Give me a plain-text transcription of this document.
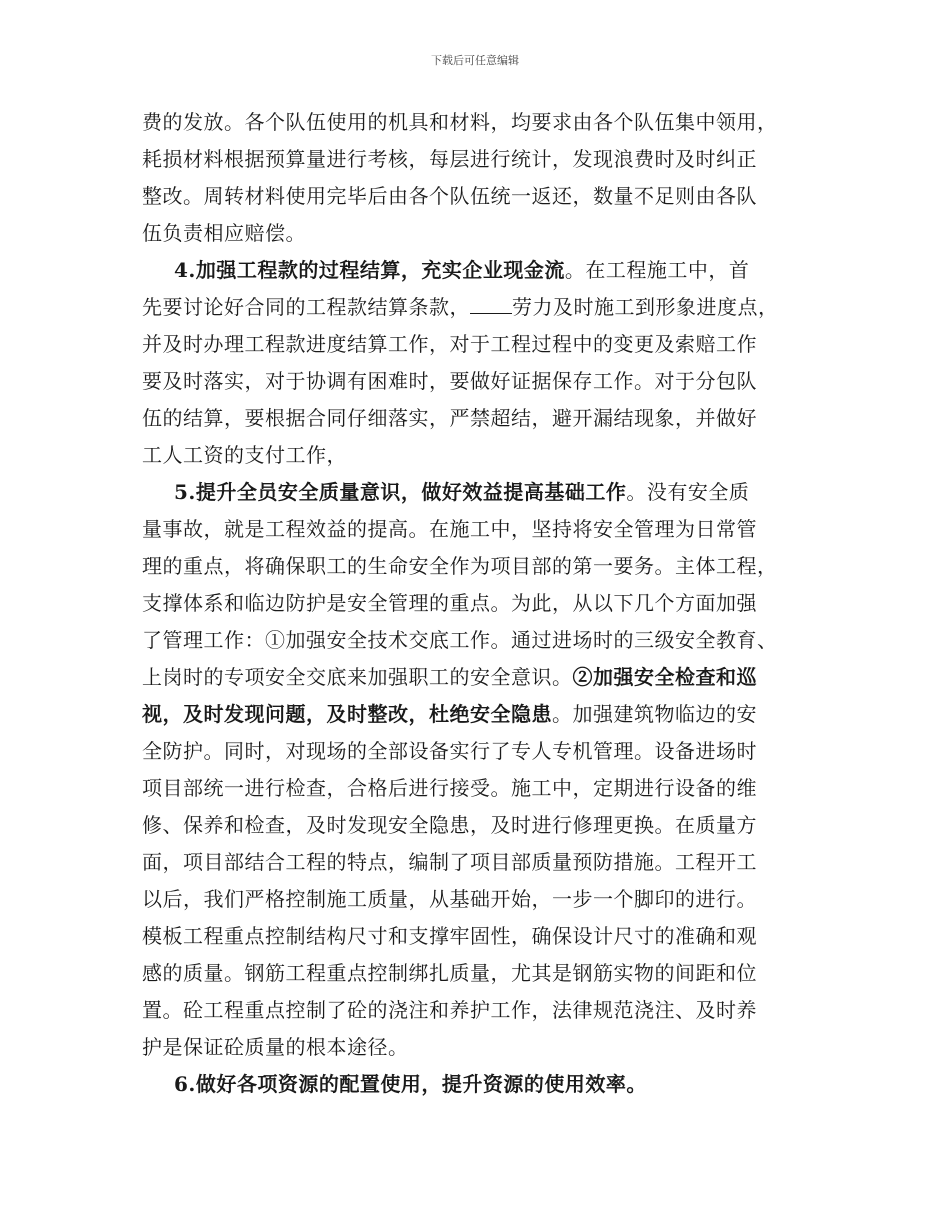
下载后可任意编辑
费的发放。各个队伍使用的机具和材料，均要求由各个队伍集中领用，
耗损材料根据预算量进行考核，每层进行统计，发现浪费时及时纠正
整改。周转材料使用完毕后由各个队伍统一返还，数量不足则由各队
伍负责相应赔偿。
4.加强工程款的过程结算，充实企业现金流。在工程施工中，首
先要讨论好合同的工程款结算条款， 劳力及时施工到形象进度点，
并及时办理工程款进度结算工作，对于工程过程中的变更及索赔工作
要及时落实，对于协调有困难时，要做好证据保存工作。对于分包队
伍的结算，要根据合同仔细落实，严禁超结，避开漏结现象，并做好
工人工资的支付工作，
5.提升全员安全质量意识，做好效益提高基础工作。没有安全质
量事故，就是工程效益的提高。在施工中，坚持将安全管理为日常管
理的重点，将确保职工的生命安全作为项目部的第一要务。主体工程，
支撑体系和临边防护是安全管理的重点。为此，从以下几个方面加强
了管理工作：①加强安全技术交底工作。通过进场时的三级安全教育、
上岗时的专项安全交底来加强职工的安全意识。②加强安全检查和巡
视，及时发现问题，及时整改，杜绝安全隐患。加强建筑物临边的安
全防护。同时，对现场的全部设备实行了专人专机管理。设备进场时
项目部统一进行检查，合格后进行接受。施工中，定期进行设备的维
修、保养和检查，及时发现安全隐患，及时进行修理更换。在质量方
面，项目部结合工程的特点，编制了项目部质量预防措施。工程开工
以后，我们严格控制施工质量，从基础开始，一步一个脚印的进行。
模板工程重点控制结构尺寸和支撑牢固性，确保设计尺寸的准确和观
感的质量。钢筋工程重点控制绑扎质量，尤其是钢筋实物的间距和位
置。砼工程重点控制了砼的浇注和养护工作，法律规范浇注、及时养
护是保证砼质量的根本途径。
6.做好各项资源的配置使用，提升资源的使用效率。
